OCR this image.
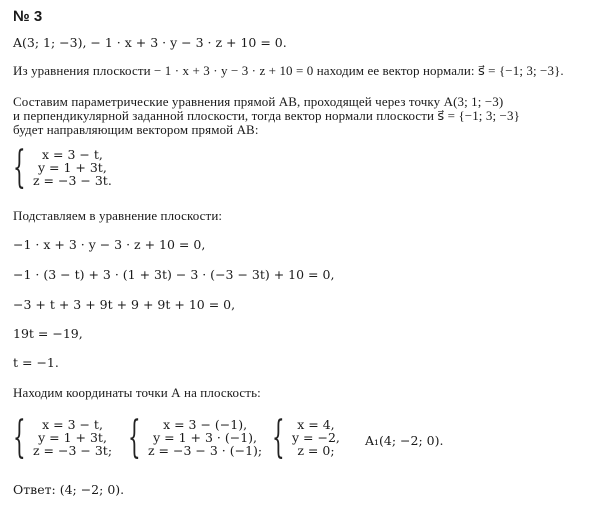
№ 3
A(3; 1; −3), − 1 · x + 3 · y − 3 · z + 10 = 0.
Из уравнения плоскости − 1 · x + 3 · y − 3 · z + 10 = 0 находим ее вектор нормали: s⃗ = {−1; 3; −3}.
Составим параметрические уравнения прямой АВ, проходящей через точку A(3; 1; −3)
и перпендикулярной заданной плоскости, тогда вектор нормали плоскости s⃗ = {−1; 3; −3}
будет направляющим вектором прямой АВ:
{	x = 3 − t,
y = 1 + 3t,
z = −3 − 3t.
Подставляем в уравнение плоскости:
−1 · x + 3 · y − 3 · z + 10 = 0,
−1 · (3 − t) + 3 · (1 + 3t) − 3 · (−3 − 3t) + 10 = 0,
−3 + t + 3 + 9t + 9 + 9t + 10 = 0,
19t = −19,
t = −1.
Находим координаты точки А на плоскость:
{	x = 3 − t,
y = 1 + 3t,
z = −3 − 3t; {	x = 3 − (−1),
y = 1 + 3 · (−1),
z = −3 − 3 · (−1); {	x = 4,
y = −2,
z = 0;
A₁(4; −2; 0).
Ответ: (4; −2; 0).
